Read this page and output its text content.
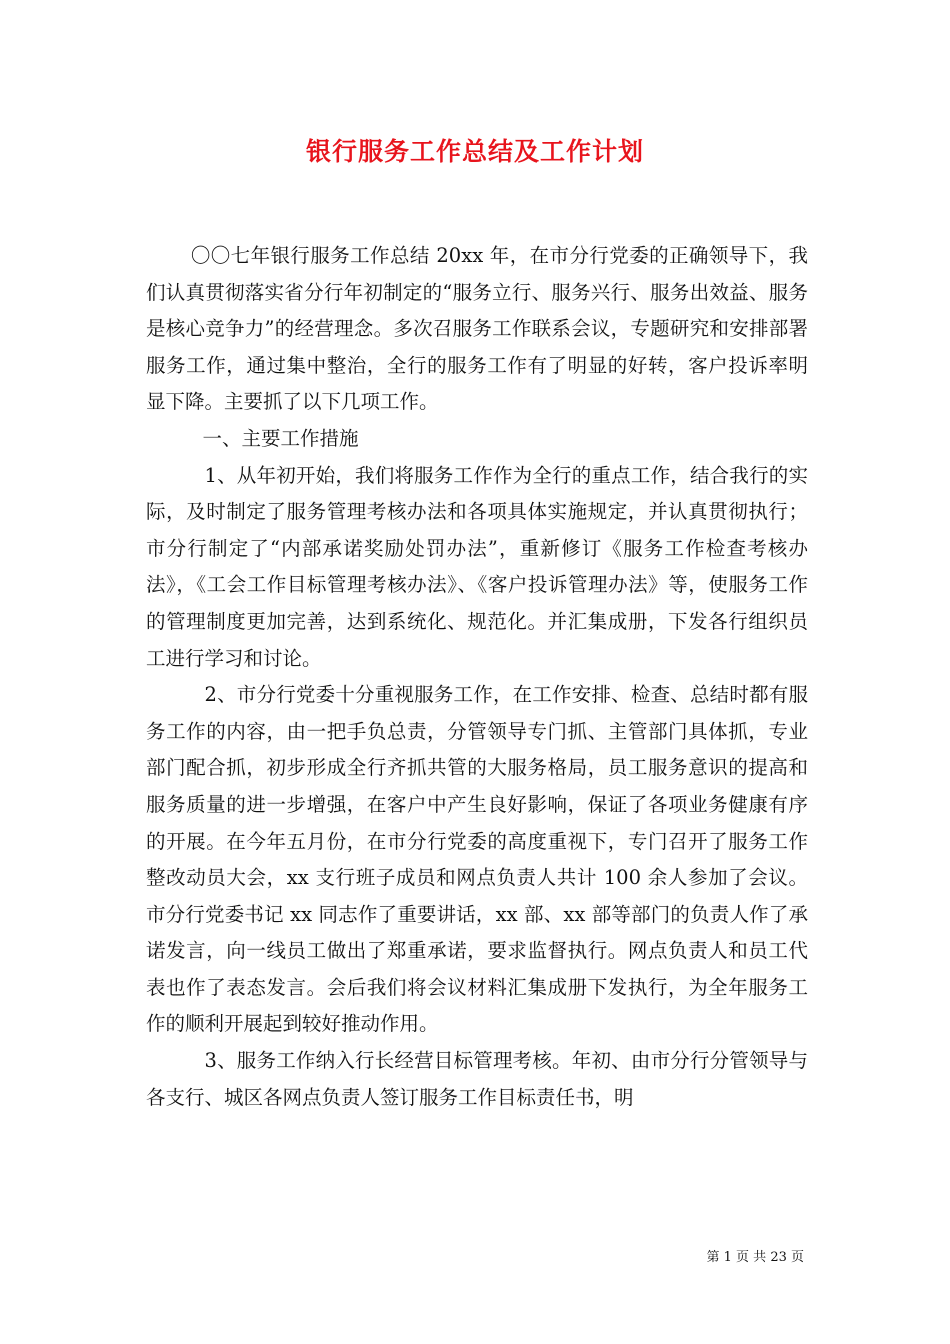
银行服务工作总结及工作计划

〇〇七年银行服务工作总结 20xx 年，在市分行党委的正确领导下，我们认真贯彻落实省分行年初制定的“服务立行、服务兴行、服务出效益、服务是核心竞争力”的经营理念。多次召服务工作联系会议，专题研究和安排部署服务工作，通过集中整治，全行的服务工作有了明显的好转，客户投诉率明显下降。主要抓了以下几项工作。

一、主要工作措施

1、从年初开始，我们将服务工作作为全行的重点工作，结合我行的实际，及时制定了服务管理考核办法和各项具体实施规定，并认真贯彻执行；市分行制定了“内部承诺奖励处罚办法”，重新修订《服务工作检查考核办法》，《工会工作目标管理考核办法》、《客户投诉管理办法》等，使服务工作的管理制度更加完善，达到系统化、规范化。并汇集成册，下发各行组织员工进行学习和讨论。

2、市分行党委十分重视服务工作，在工作安排、检查、总结时都有服务工作的内容，由一把手负总责，分管领导专门抓、主管部门具体抓，专业部门配合抓，初步形成全行齐抓共管的大服务格局，员工服务意识的提高和服务质量的进一步增强，在客户中产生良好影响，保证了各项业务健康有序的开展。在今年五月份，在市分行党委的高度重视下，专门召开了服务工作整改动员大会，xx 支行班子成员和网点负责人共计 100 余人参加了会议。市分行党委书记 xx 同志作了重要讲话，xx 部、xx 部等部门的负责人作了承诺发言，向一线员工做出了郑重承诺，要求监督执行。网点负责人和员工代表也作了表态发言。会后我们将会议材料汇集成册下发执行，为全年服务工作的顺利开展起到较好推动作用。

3、服务工作纳入行长经营目标管理考核。年初、由市分行分管领导与各支行、城区各网点负责人签订服务工作目标责任书，明

第 1 页 共 23 页
